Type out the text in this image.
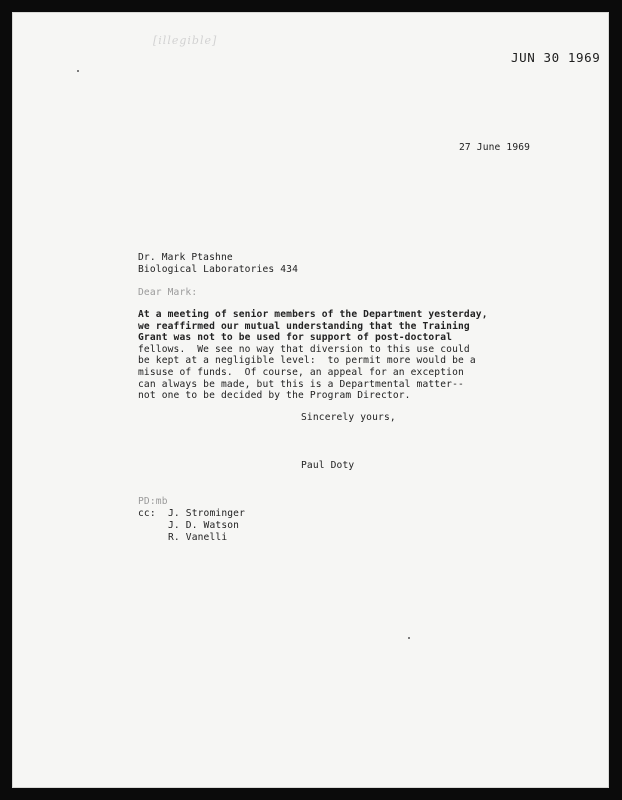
[illegible]
JUN 30 1969
27 June 1969
Dr. Mark Ptashne
Biological Laboratories 434
Dear Mark:
At a meeting of senior members of the Department yesterday,
we reaffirmed our mutual understanding that the Training
Grant was not to be used for support of post-doctoral
fellows.  We see no way that diversion to this use could
be kept at a negligible level:  to permit more would be a
misuse of funds.  Of course, an appeal for an exception
can always be made, but this is a Departmental matter--
not one to be decided by the Program Director.
Sincerely yours,
Paul Doty
PD:mb
cc: J. Strominger
J. D. Watson
R. Vanelli
